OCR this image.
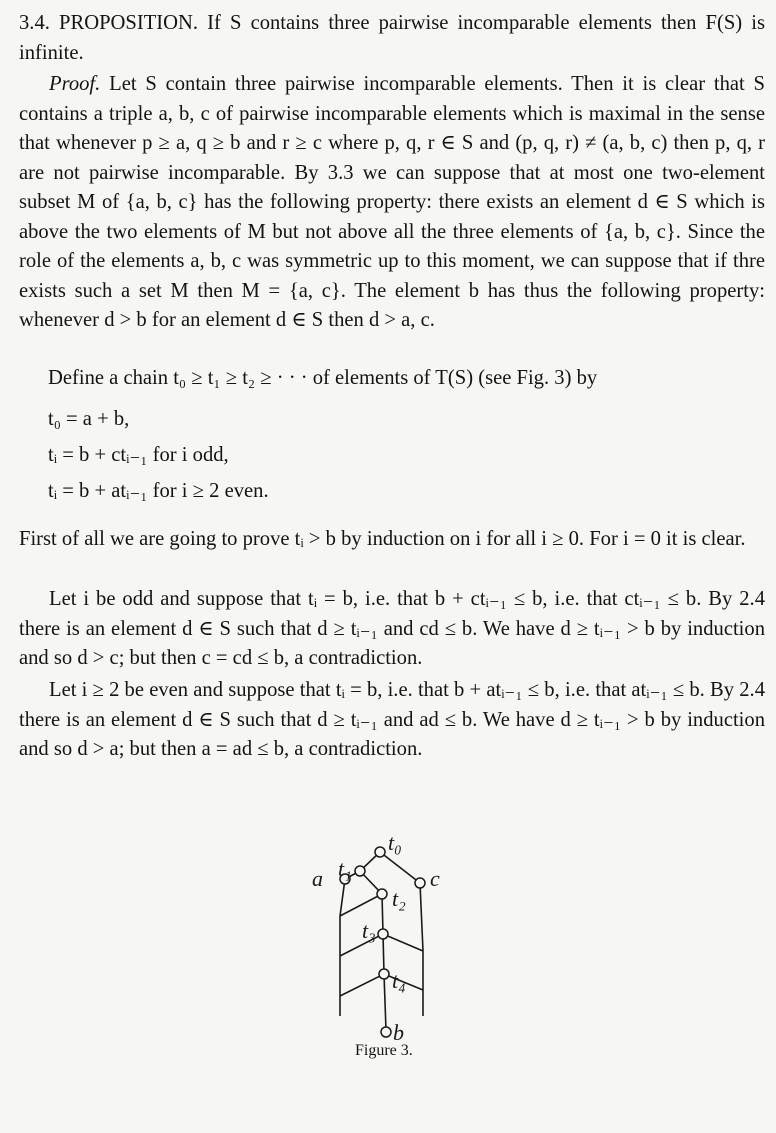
3.4. PROPOSITION. If S contains three pairwise incomparable elements then F(S) is infinite.

Proof. Let S contain three pairwise incomparable elements. Then it is clear that S contains a triple a, b, c of pairwise incomparable elements which is maximal in the sense that whenever p ≥ a, q ≥ b and r ≥ c where p, q, r ∈ S and (p, q, r) ≠ (a, b, c) then p, q, r are not pairwise incomparable. By 3.3 we can suppose that at most one two-element subset M of {a, b, c} has the following property: there exists an element d ∈ S which is above the two elements of M but not above all the three elements of {a, b, c}. Since the role of the elements a, b, c was symmetric up to this moment, we can suppose that if thre exists such a set M then M = {a, c}. The element b has thus the following property: whenever d > b for an element d ∈ S then d > a, c.

Define a chain t₀ ≥ t₁ ≥ t₂ ≥ · · · of elements of T(S) (see Fig. 3) by

t₀ = a + b,

tᵢ = b + ctᵢ₋₁ for i odd,

tᵢ = b + atᵢ₋₁ for i ≥ 2 even.

First of all we are going to prove tᵢ > b by induction on i for all i ≥ 0. For i = 0 it is clear.

Let i be odd and suppose that tᵢ = b, i.e. that b + ctᵢ₋₁ ≤ b, i.e. that ctᵢ₋₁ ≤ b. By 2.4 there is an element d ∈ S such that d ≥ tᵢ₋₁ and cd ≤ b. We have d ≥ tᵢ₋₁ > b by induction and so d > c; but then c = cd ≤ b, a contradiction.

Let i ≥ 2 be even and suppose that tᵢ = b, i.e. that b + atᵢ₋₁ ≤ b, i.e. that atᵢ₋₁ ≤ b. By 2.4 there is an element d ∈ S such that d ≥ tᵢ₋₁ and ad ≤ b. We have d ≥ tᵢ₋₁ > b by induction and so d > a; but then a = ad ≤ b, a contradiction.

t₀
t₁
a	c
t₂
t₃
t₄
b

Figure 3.
